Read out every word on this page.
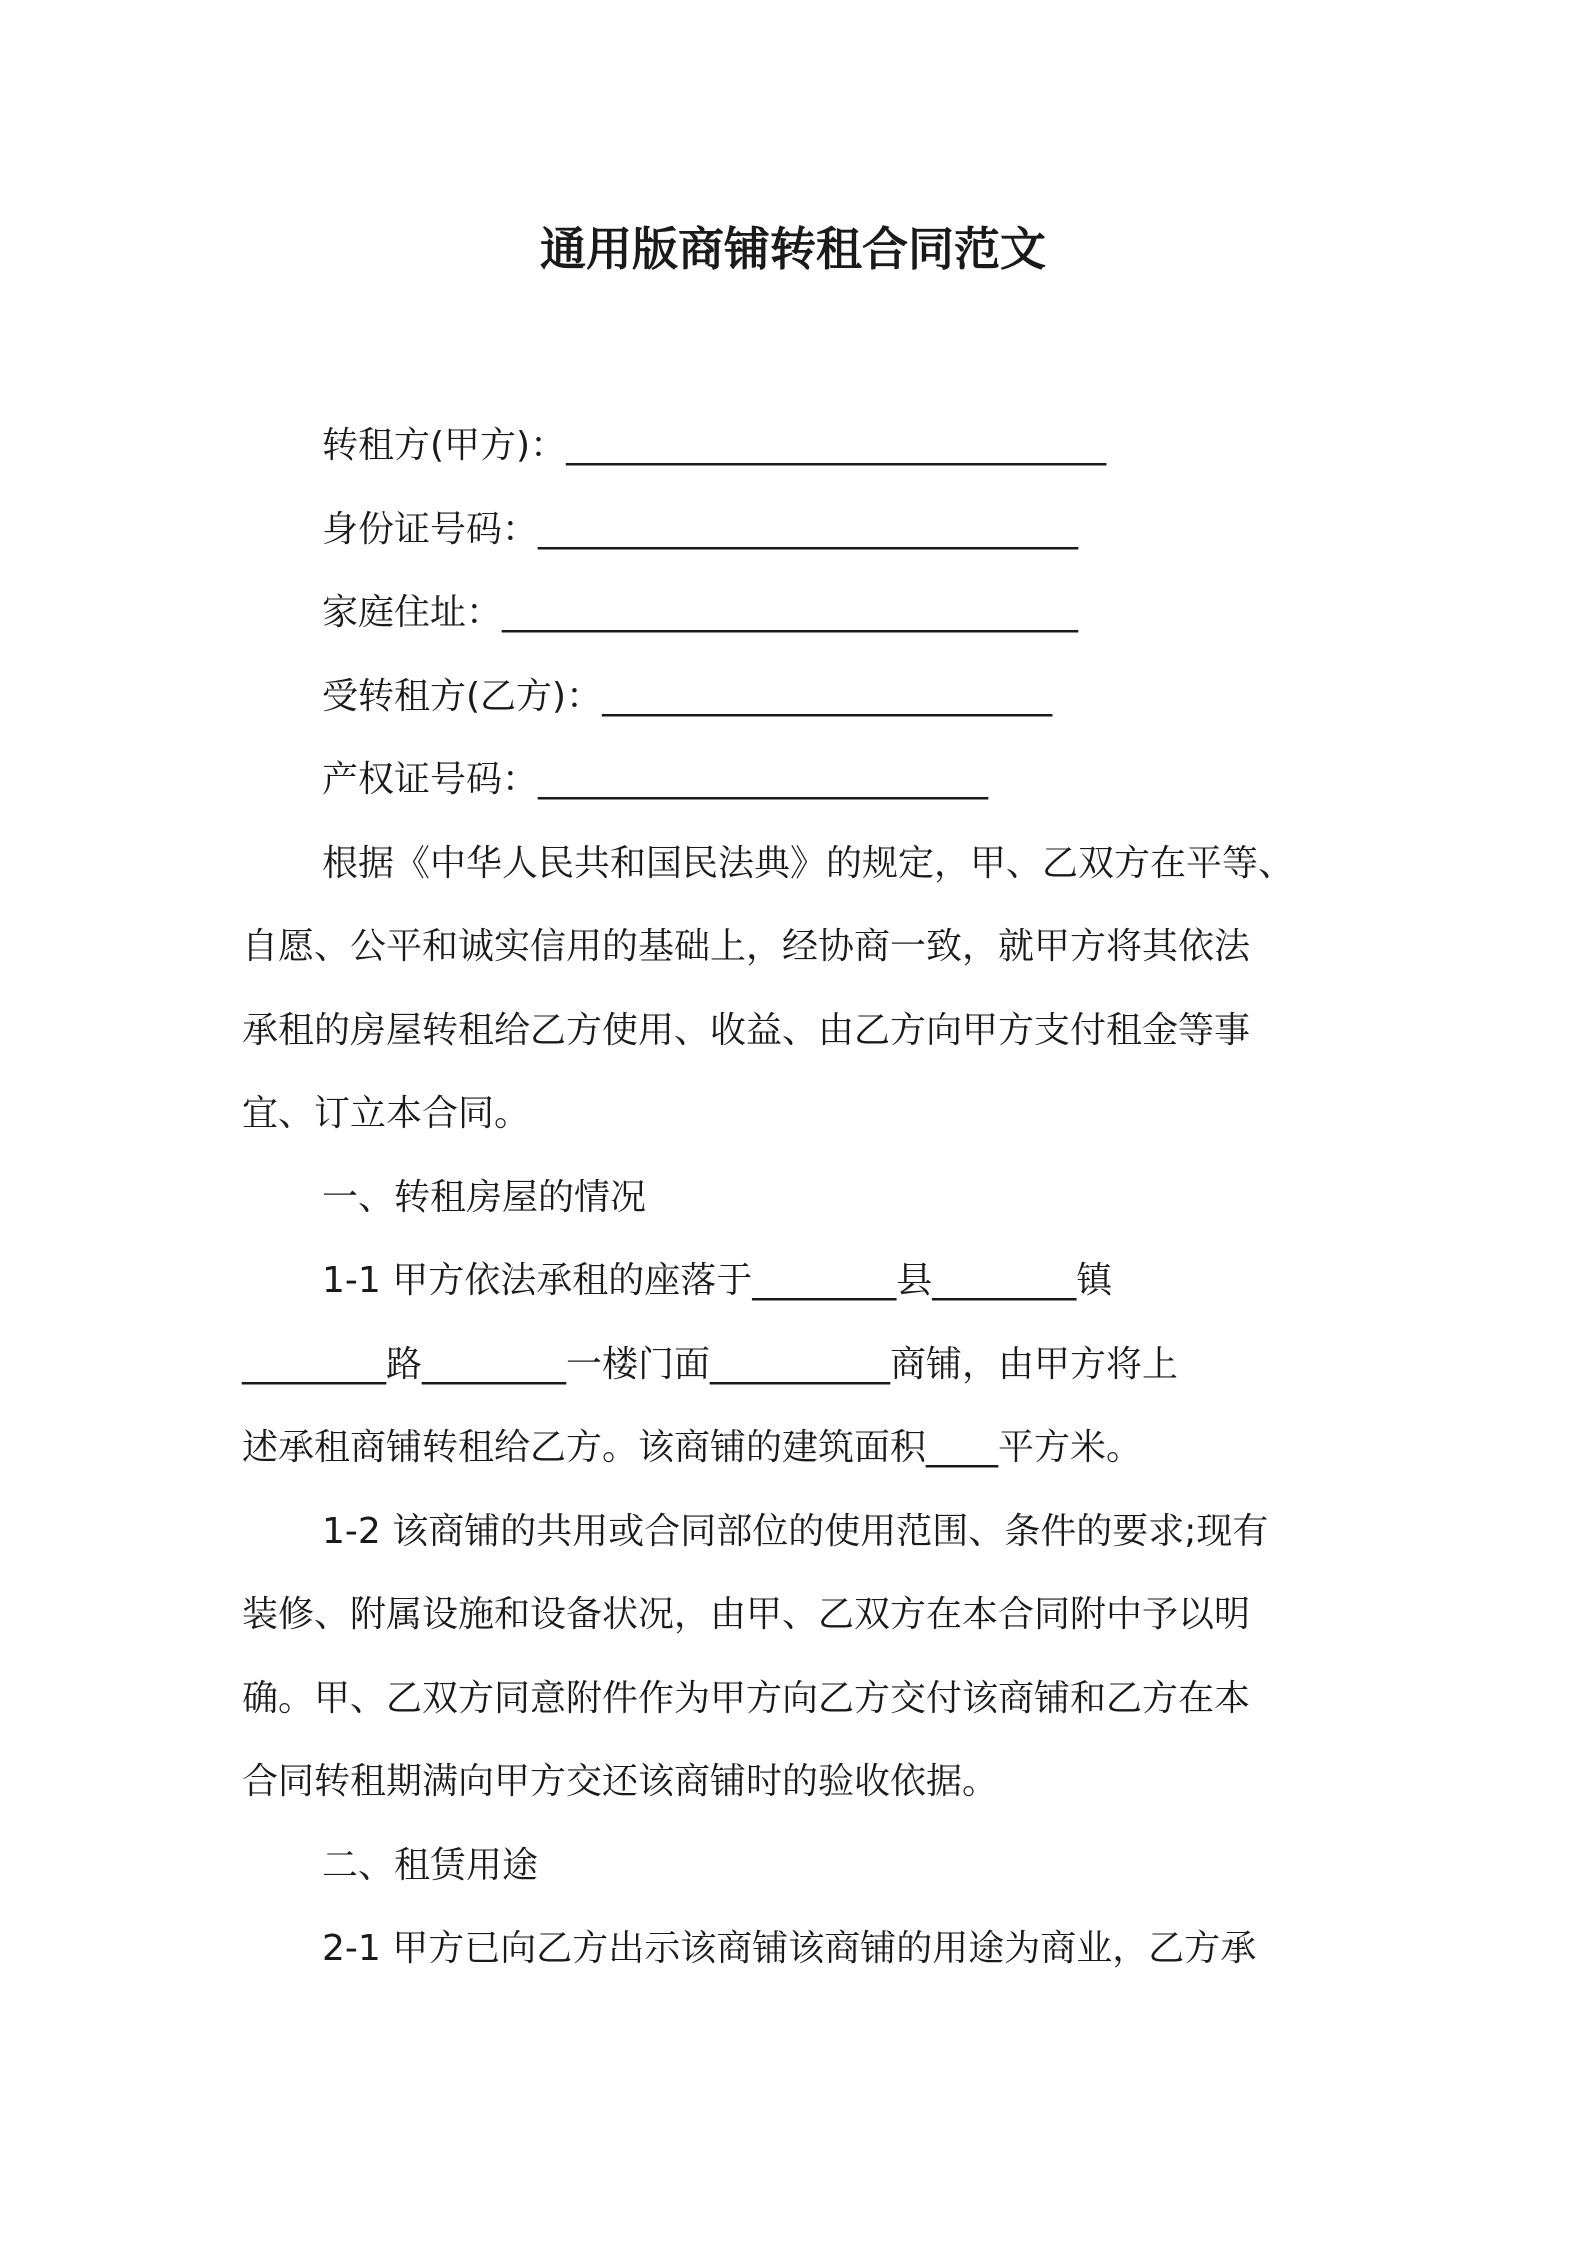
通用版商铺转租合同范文
转租方(甲方)：______________________________
身份证号码：______________________________
家庭住址：________________________________
受转租方(乙方)：_________________________
产权证号码：_________________________
根据《中华人民共和国民法典》的规定，甲、乙双方在平等、
自愿、公平和诚实信用的基础上，经协商一致，就甲方将其依法
承租的房屋转租给乙方使用、收益、由乙方向甲方支付租金等事
宜、订立本合同。
一、转租房屋的情况
1-1 甲方依法承租的座落于________县________镇
________路________一楼门面__________商铺，由甲方将上
述承租商铺转租给乙方。该商铺的建筑面积____平方米。
1-2 该商铺的共用或合同部位的使用范围、条件的要求;现有
装修、附属设施和设备状况，由甲、乙双方在本合同附中予以明
确。甲、乙双方同意附件作为甲方向乙方交付该商铺和乙方在本
合同转租期满向甲方交还该商铺时的验收依据。
二、租赁用途
2-1 甲方已向乙方出示该商铺该商铺的用途为商业，乙方承
